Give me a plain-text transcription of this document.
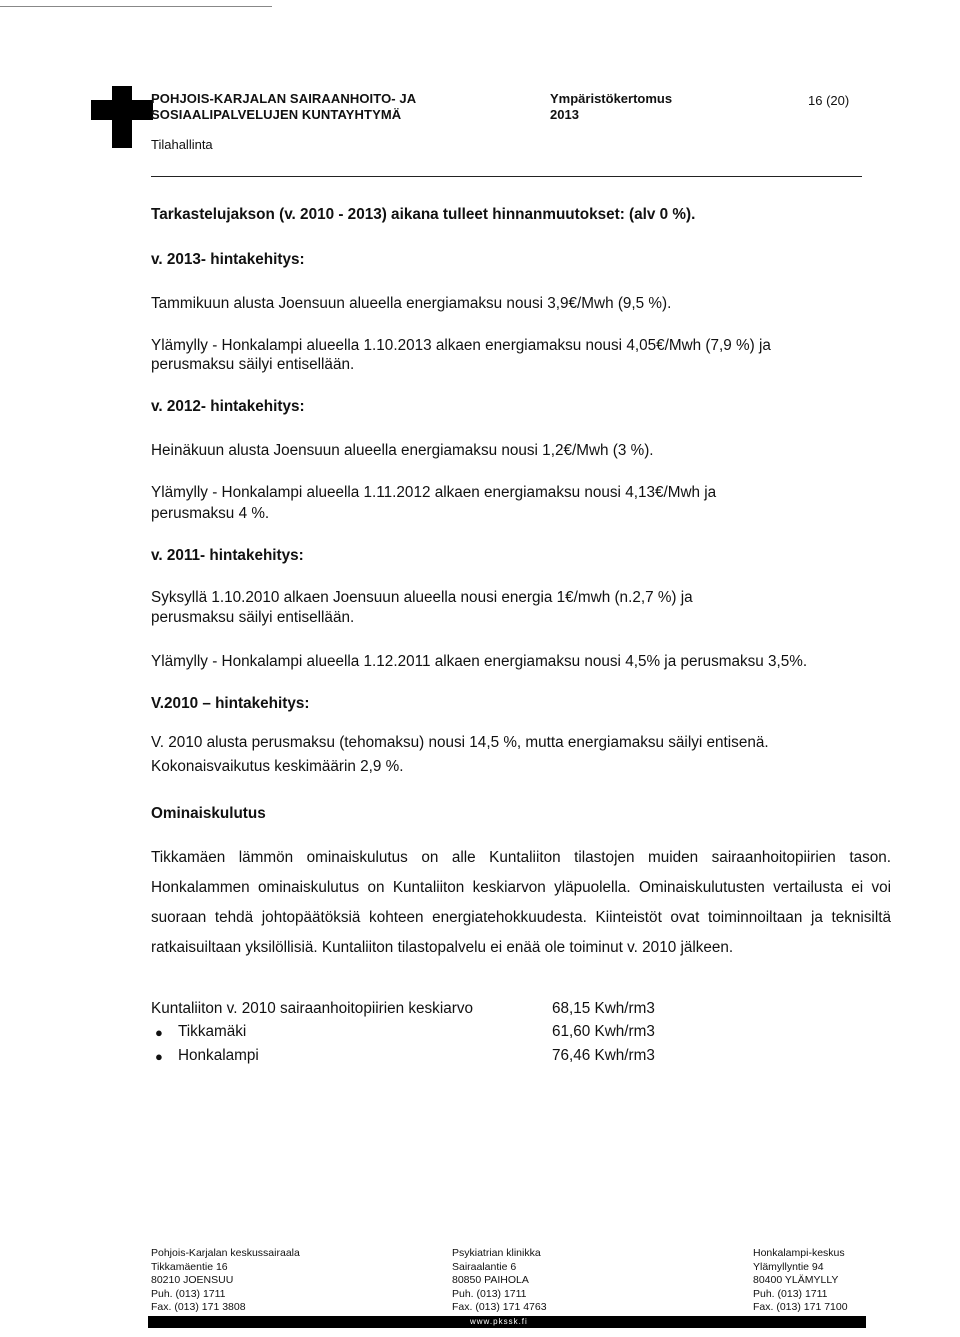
POHJOIS-KARJALAN SAIRAANHOITO- JA
SOSIAALIPALVELUJEN KUNTAYHTYMÄ
Tilahallinta
Ympäristökertomus
2013
16 (20)
Tarkastelujakson (v. 2010 - 2013) aikana tulleet hinnanmuutokset: (alv 0 %).
v. 2013- hintakehitys:
Tammikuun alusta Joensuun alueella energiamaksu nousi 3,9€/Mwh (9,5 %).
Ylämylly - Honkalampi alueella 1.10.2013 alkaen energiamaksu nousi 4,05€/Mwh (7,9 %) ja
perusmaksu säilyi entisellään.
v. 2012- hintakehitys:
Heinäkuun alusta Joensuun alueella energiamaksu nousi 1,2€/Mwh (3 %).
Ylämylly - Honkalampi alueella 1.11.2012 alkaen energiamaksu nousi 4,13€/Mwh ja
perusmaksu 4 %.
v. 2011- hintakehitys:
Syksyllä 1.10.2010 alkaen Joensuun alueella nousi energia 1€/mwh (n.2,7 %) ja
perusmaksu säilyi entisellään.
Ylämylly - Honkalampi alueella 1.12.2011 alkaen energiamaksu nousi 4,5% ja perusmaksu 3,5%.
V.2010 – hintakehitys:
V. 2010 alusta perusmaksu (tehomaksu) nousi 14,5 %, mutta energiamaksu säilyi entisenä.
Kokonaisvaikutus keskimäärin 2,9 %.
Ominaiskulutus
Tikkamäen lämmön ominaiskulutus on alle Kuntaliiton tilastojen muiden sairaanhoitopiirien tason. Honkalammen ominaiskulutus on Kuntaliiton keskiarvon yläpuolella. Ominaiskulutusten vertailusta ei voi suoraan tehdä johtopäätöksiä kohteen energiatehokkuudesta. Kiinteistöt ovat toiminnoiltaan ja teknisiltä ratkaisuiltaan yksilöllisiä. Kuntaliiton tilastopalvelu ei enää ole toiminut v. 2010 jälkeen.
Kuntaliiton v. 2010 sairaanhoitopiirien keskiarvo	68,15 Kwh/rm3
● Tikkamäki	61,60 Kwh/rm3
● Honkalampi	76,46 Kwh/rm3
Pohjois-Karjalan keskussairaala
Tikkamäentie 16
80210 JOENSUU
Puh. (013) 1711
Fax. (013) 171 3808
Psykiatrian klinikka
Sairaalantie 6
80850 PAIHOLA
Puh. (013) 1711
Fax. (013) 171 4763
Honkalampi-keskus
Ylämyllyntie 94
80400 YLÄMYLLY
Puh. (013) 1711
Fax. (013) 171 7100
www.pkssk.fi
